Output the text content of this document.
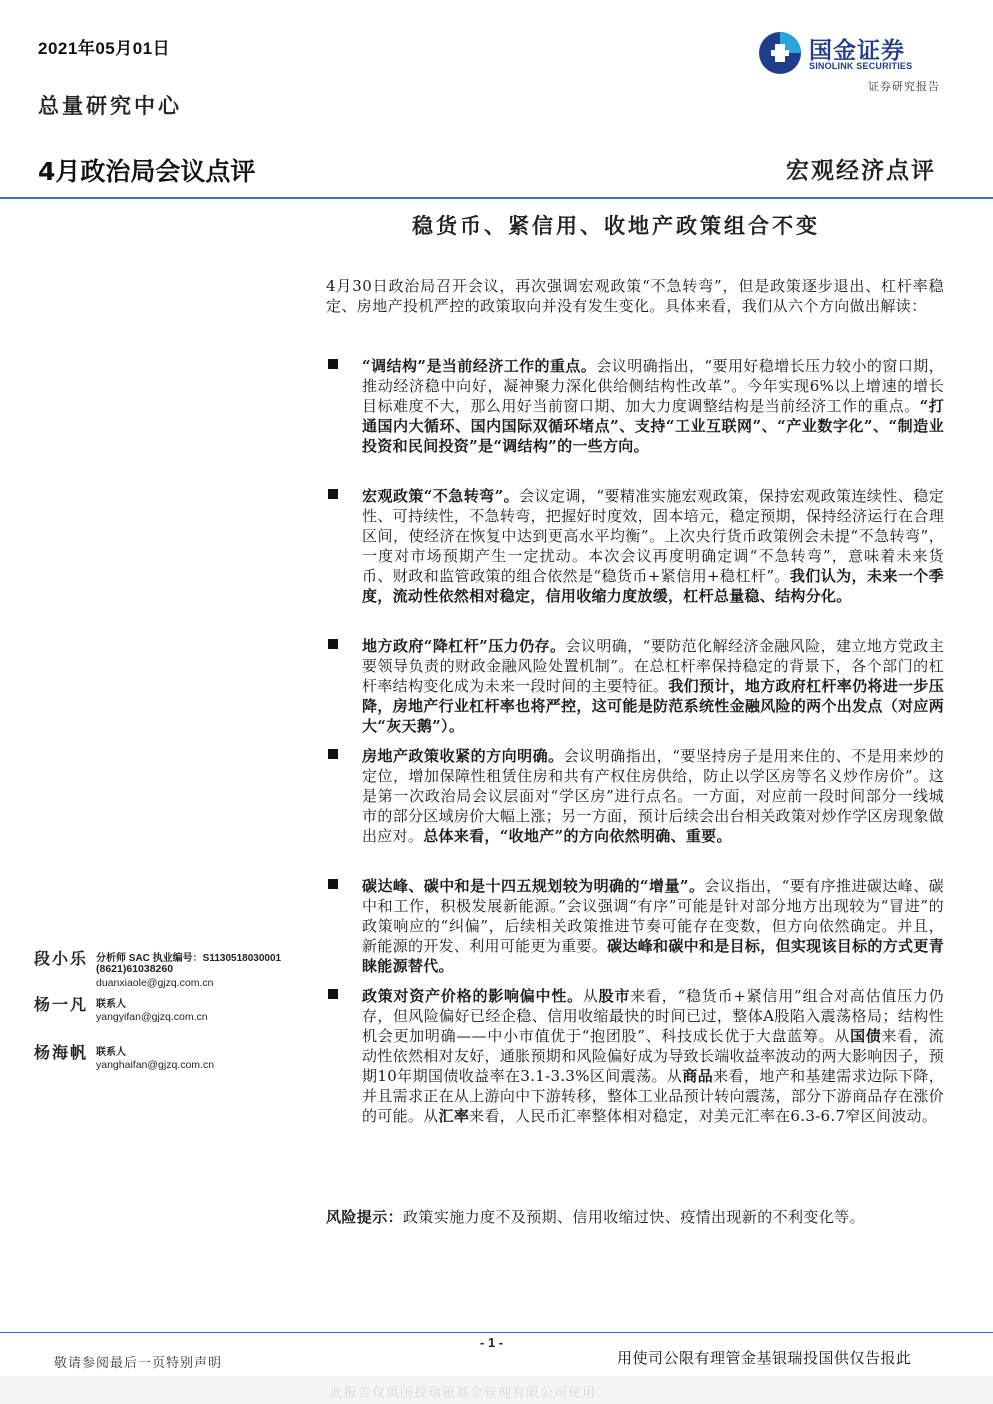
2021年05月01日
总量研究中心
国金证券
SINOLINK SECURITIES
证券研究报告
4月政治局会议点评	宏观经济点评
稳货币、紧信用、收地产政策组合不变
4月30日政治局召开会议，再次强调宏观政策“不急转弯”，但是政策逐步退出、杠杆率稳定、房地产投机严控的政策取向并没有发生变化。具体来看，我们从六个方向做出解读：
“调结构”是当前经济工作的重点。会议明确指出，“要用好稳增长压力较小的窗口期，推动经济稳中向好，凝神聚力深化供给侧结构性改革”。今年实现6%以上增速的增长目标难度不大，那么用好当前窗口期、加大力度调整结构是当前经济工作的重点。“打通国内大循环、国内国际双循环堵点”、支持“工业互联网”、“产业数字化”、“制造业投资和民间投资”是“调结构”的一些方向。
宏观政策“不急转弯”。会议定调，“要精准实施宏观政策，保持宏观政策连续性、稳定性、可持续性，不急转弯，把握好时度效，固本培元，稳定预期，保持经济运行在合理区间，使经济在恢复中达到更高水平均衡”。上次央行货币政策例会未提“不急转弯”，一度对市场预期产生一定扰动。本次会议再度明确定调“不急转弯”，意味着未来货币、财政和监管政策的组合依然是“稳货币+紧信用+稳杠杆”。我们认为，未来一个季度，流动性依然相对稳定，信用收缩力度放缓，杠杆总量稳、结构分化。
地方政府“降杠杆”压力仍存。会议明确，“要防范化解经济金融风险，建立地方党政主要领导负责的财政金融风险处置机制”。在总杠杆率保持稳定的背景下，各个部门的杠杆率结构变化成为未来一段时间的主要特征。我们预计，地方政府杠杆率仍将进一步压降，房地产行业杠杆率也将严控，这可能是防范系统性金融风险的两个出发点（对应两大“灰天鹅”）。
房地产政策收紧的方向明确。会议明确指出，“要坚持房子是用来住的、不是用来炒的定位，增加保障性租赁住房和共有产权住房供给，防止以学区房等名义炒作房价”。这是第一次政治局会议层面对“学区房”进行点名。一方面，对应前一段时间部分一线城市的部分区域房价大幅上涨；另一方面，预计后续会出台相关政策对炒作学区房现象做出应对。总体来看，“收地产”的方向依然明确、重要。
碳达峰、碳中和是十四五规划较为明确的“增量”。会议指出，“要有序推进碳达峰、碳中和工作，积极发展新能源。”会议强调“有序”可能是针对部分地方出现较为“冒进”的政策响应的“纠偏”，后续相关政策推进节奏可能存在变数，但方向依然确定。并且，新能源的开发、利用可能更为重要。碳达峰和碳中和是目标，但实现该目标的方式更青睐能源替代。
政策对资产价格的影响偏中性。从股市来看，“稳货币+紧信用”组合对高估值压力仍存，但风险偏好已经企稳、信用收缩最快的时间已过，整体A股陷入震荡格局；结构性机会更加明确——中小市值优于“抱团股”、科技成长优于大盘蓝筹。从国债来看，流动性依然相对友好，通胀预期和风险偏好成为导致长端收益率波动的两大影响因子，预期10年期国债收益率在3.1-3.3%区间震荡。从商品来看，地产和基建需求边际下降，并且需求正在从上游向中下游转移，整体工业品预计转向震荡，部分下游商品存在涨价的可能。从汇率来看，人民币汇率整体相对稳定，对美元汇率在6.3-6.7窄区间波动。
风险提示：政策实施力度不及预期、信用收缩过快、疫情出现新的不利变化等。
段小乐 分析师 SAC 执业编号：S1130518030001
(8621)61038260
duanxiaole@gjzq.com.cn
杨一凡 联系人
yangyifan@gjzq.com.cn
杨海帆 联系人
yanghaifan@gjzq.com.cn
- 1 -
敬请参阅最后一页特别声明	用使司公限有理管金基银瑞投国供仅告报此
此报告仅供国投瑞银基金管理有限公司使用
